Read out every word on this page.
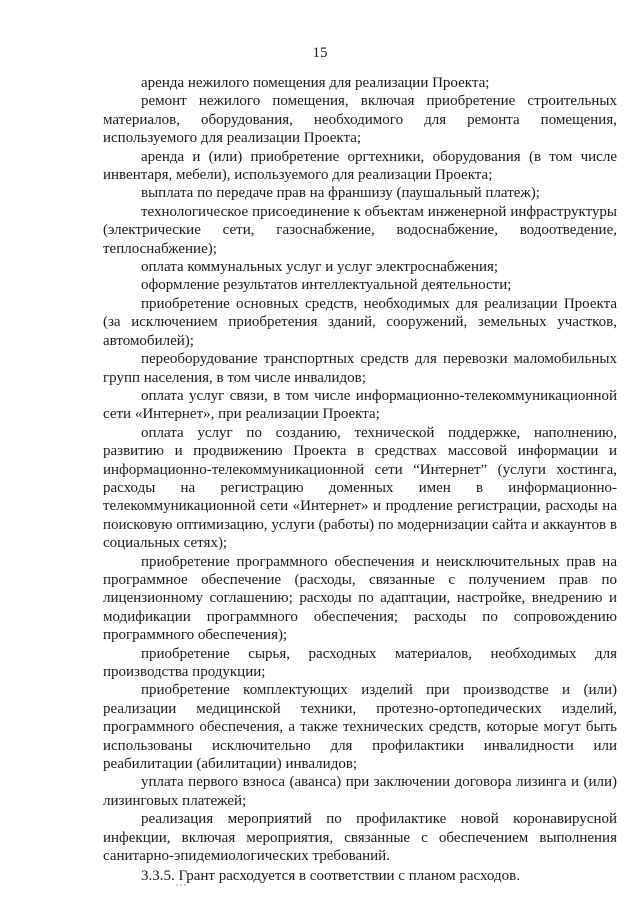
15

аренда нежилого помещения для реализации Проекта;

ремонт нежилого помещения, включая приобретение строительных материалов, оборудования, необходимого для ремонта помещения, используемого для реализации Проекта;

аренда и (или) приобретение оргтехники, оборудования (в том числе инвентаря, мебели), используемого для реализации Проекта;

выплата по передаче прав на франшизу (паушальный платеж);

технологическое присоединение к объектам инженерной инфраструктуры (электрические сети, газоснабжение, водоснабжение, водоотведение, теплоснабжение);

оплата коммунальных услуг и услуг электроснабжения;

оформление результатов интеллектуальной деятельности;

приобретение основных средств, необходимых для реализации Проекта (за исключением приобретения зданий, сооружений, земельных участков, автомобилей);

переоборудование транспортных средств для перевозки маломобильных групп населения, в том числе инвалидов;

оплата услуг связи, в том числе информационно-телекоммуникационной сети «Интернет», при реализации Проекта;

оплата услуг по созданию, технической поддержке, наполнению, развитию и продвижению Проекта в средствах массовой информации и информационно-телекоммуникационной сети “Интернет” (услуги хостинга, расходы на регистрацию доменных имен в информационно-телекоммуникационной сети «Интернет» и продление регистрации, расходы на поисковую оптимизацию, услуги (работы) по модернизации сайта и аккаунтов в социальных сетях);

приобретение программного обеспечения и неисключительных прав на программное обеспечение (расходы, связанные с получением прав по лицензионному соглашению; расходы по адаптации, настройке, внедрению и модификации программного обеспечения; расходы по сопровождению программного обеспечения);

приобретение сырья, расходных материалов, необходимых для производства продукции;

приобретение комплектующих изделий при производстве и (или) реализации медицинской техники, протезно-ортопедических изделий, программного обеспечения, а также технических средств, которые могут быть использованы исключительно для профилактики инвалидности или реабилитации (абилитации) инвалидов;

уплата первого взноса (аванса) при заключении договора лизинга и (или) лизинговых платежей;

реализация мероприятий по профилактике новой коронавирусной инфекции, включая мероприятия, связанные с обеспечением выполнения санитарно-эпидемиологических требований.

3.3.5. Грант расходуется в соответствии с планом расходов.
